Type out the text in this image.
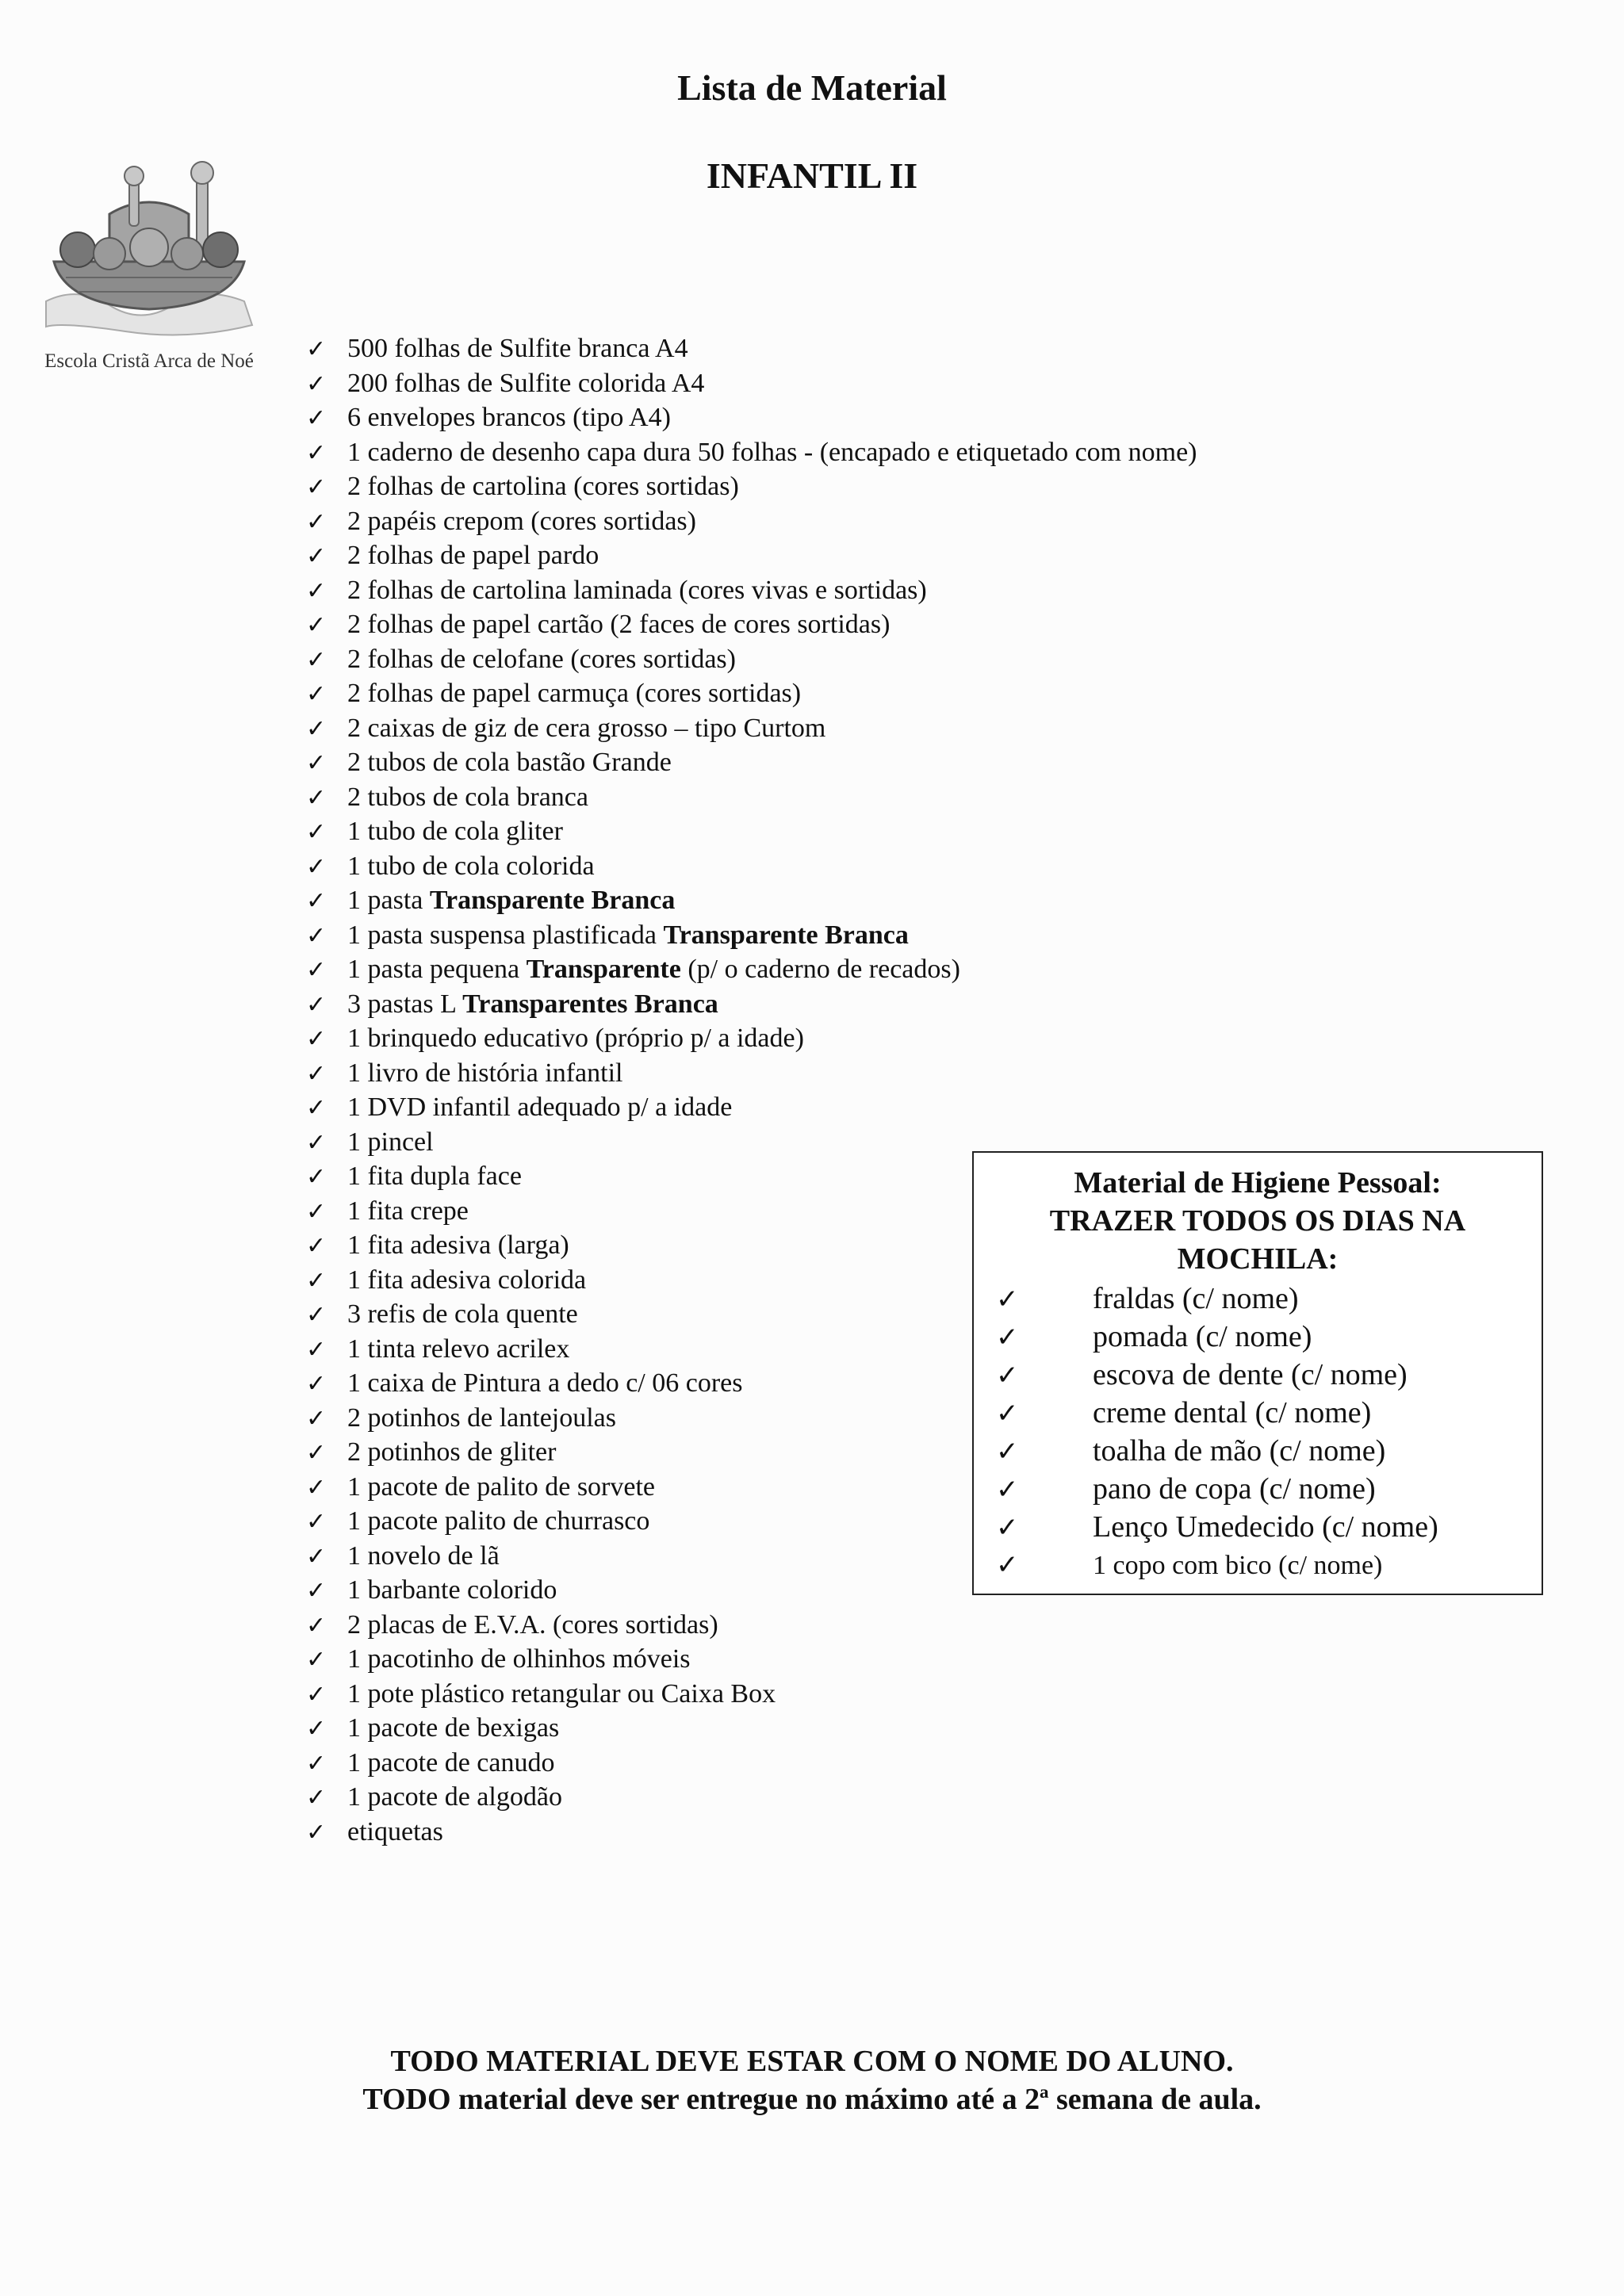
Lista de Material
INFANTIL II
Escola Cristã Arca de Noé	✓ 500 folhas de Sulfite branca A4
✓ 200 folhas de Sulfite colorida A4
✓ 6 envelopes brancos (tipo A4)
✓ 1 caderno de desenho capa dura 50 folhas - (encapado e etiquetado com nome)
✓ 2 folhas de cartolina (cores sortidas)
✓ 2 papéis crepom (cores sortidas)
✓ 2 folhas de papel pardo
✓ 2 folhas de cartolina laminada (cores vivas e sortidas)
✓ 2 folhas de papel cartão (2 faces de cores sortidas)
✓ 2 folhas de celofane (cores sortidas)
✓ 2 folhas de papel carmuça (cores sortidas)
✓ 2 caixas de giz de cera grosso – tipo Curtom
✓ 2 tubos de cola bastão Grande
✓ 2 tubos de cola branca
✓ 1 tubo de cola gliter
✓ 1 tubo de cola colorida
✓ 1 pasta Transparente Branca
✓ 1 pasta suspensa plastificada Transparente Branca
✓ 1 pasta pequena Transparente (p/ o caderno de recados)
✓ 3 pastas L Transparentes Branca
✓ 1 brinquedo educativo (próprio p/ a idade)
✓ 1 livro de história infantil
✓ 1 DVD infantil adequado p/ a idade
✓ 1 pincel
✓ 1 fita dupla face
✓ 1 fita crepe
✓ 1 fita adesiva (larga)
✓ 1 fita adesiva colorida
✓ 3 refis de cola quente
✓ 1 tinta relevo acrilex
✓ 1 caixa de Pintura a dedo c/ 06 cores
✓ 2 potinhos de lantejoulas
✓ 2 potinhos de gliter
✓ 1 pacote de palito de sorvete
✓ 1 pacote palito de churrasco
✓ 1 novelo de lã
✓ 1 barbante colorido
✓ 2 placas de E.V.A. (cores sortidas)
✓ 1 pacotinho de olhinhos móveis
✓ 1 pote plástico retangular ou Caixa Box
✓ 1 pacote de bexigas
✓ 1 pacote de canudo
✓ 1 pacote de algodão
✓ etiquetas

Material de Higiene Pessoal:
TRAZER TODOS OS DIAS NA
MOCHILA:

✓ fraldas (c/ nome)
✓ pomada (c/ nome)
✓ escova de dente (c/ nome)
✓ creme dental (c/ nome)
✓ toalha de mão (c/ nome)
✓ pano de copa (c/ nome)
✓ Lenço Umedecido (c/ nome)
✓	1 copo com bico (c/ nome)

TODO MATERIAL DEVE ESTAR COM O NOME DO ALUNO.

TODO material deve ser entregue no máximo até a 2ª semana de aula.
